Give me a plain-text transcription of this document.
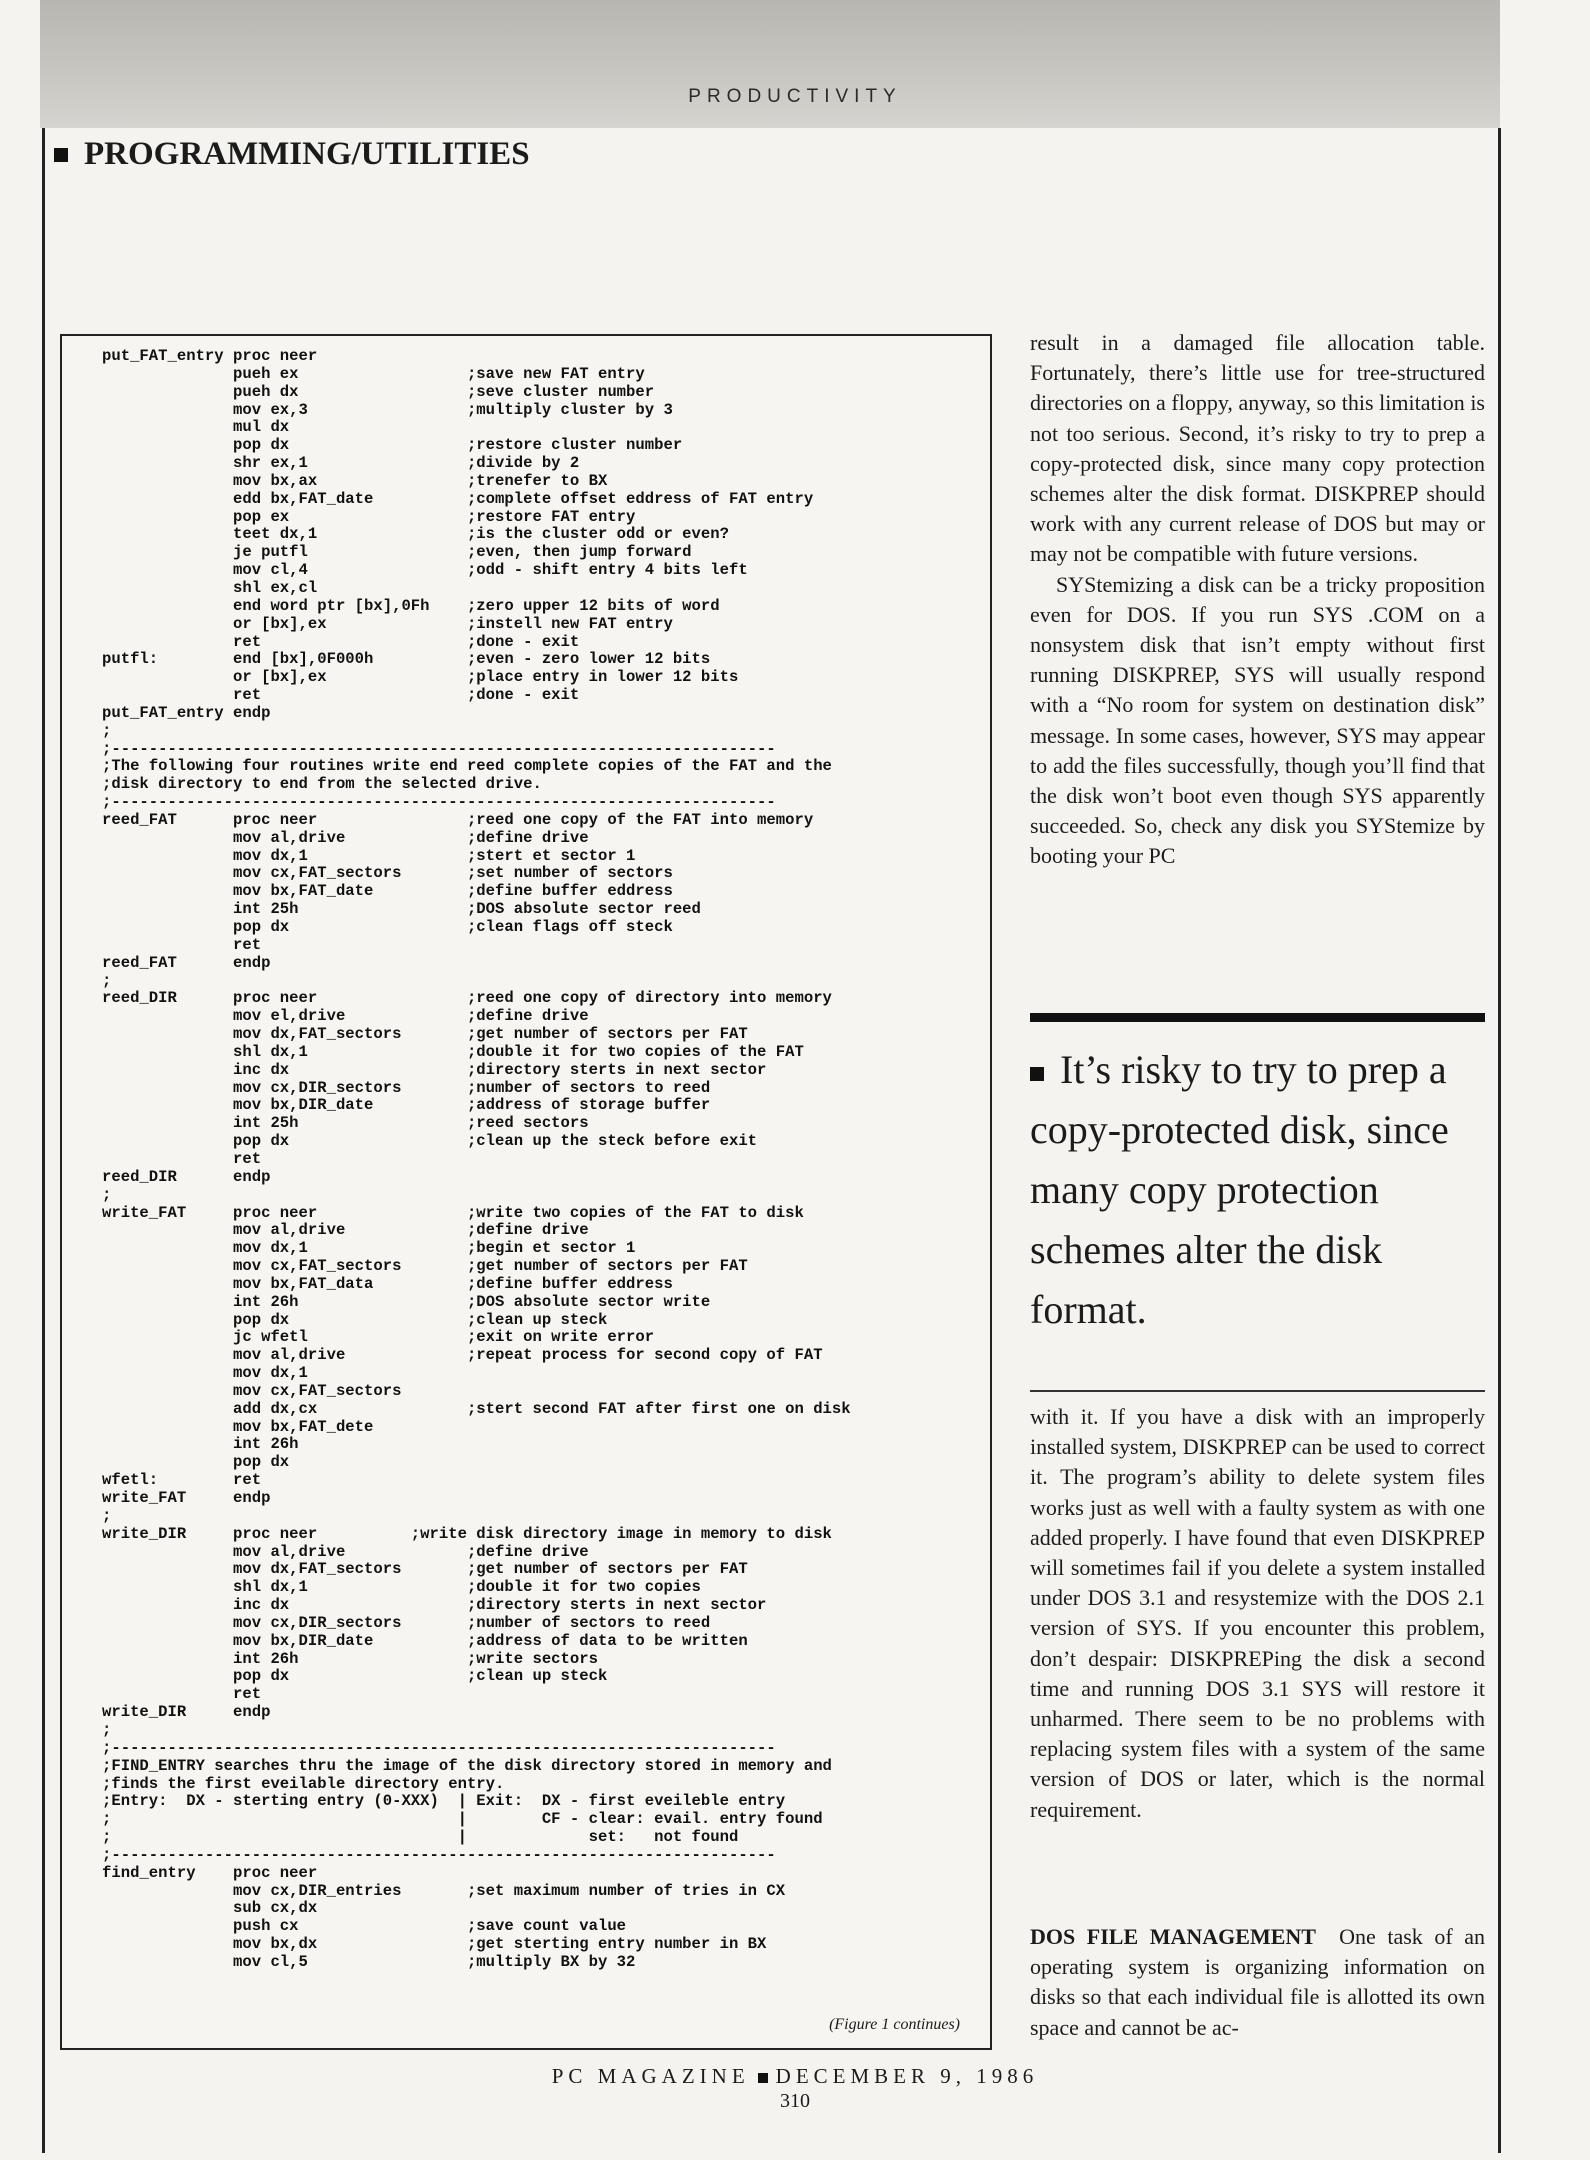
PRODUCTIVITY
PROGRAMMING/UTILITIES
put_FAT_entry proc neer
pueh ex                  ;save new FAT entry
pueh dx                  ;seve cluster number
mov ex,3                 ;multiply cluster by 3
mul dx
pop dx                   ;restore cluster number
shr ex,1                 ;divide by 2
mov bx,ax                ;trenefer to BX
edd bx,FAT_date          ;complete offset eddress of FAT entry
pop ex                   ;restore FAT entry
teet dx,1                ;is the cluster odd or even?
je putfl                 ;even, then jump forward
mov cl,4                 ;odd - shift entry 4 bits left
shl ex,cl
end word ptr [bx],0Fh    ;zero upper 12 bits of word
or [bx],ex               ;instell new FAT entry
ret                      ;done - exit
putfl:        end [bx],0F000h          ;even - zero lower 12 bits
or [bx],ex               ;place entry in lower 12 bits
ret                      ;done - exit
put_FAT_entry endp
;
;-----------------------------------------------------------------------
;The following four routines write end reed complete copies of the FAT and the
;disk directory to end from the selected drive.
;-----------------------------------------------------------------------
reed_FAT      proc neer                ;reed one copy of the FAT into memory
mov al,drive             ;define drive
mov dx,1                 ;stert et sector 1
mov cx,FAT_sectors       ;set number of sectors
mov bx,FAT_date          ;define buffer eddress
int 25h                  ;DOS absolute sector reed
pop dx                   ;clean flags off steck
ret
reed_FAT      endp
;
reed_DIR      proc neer                ;reed one copy of directory into memory
mov el,drive             ;define drive
mov dx,FAT_sectors       ;get number of sectors per FAT
shl dx,1                 ;double it for two copies of the FAT
inc dx                   ;directory sterts in next sector
mov cx,DIR_sectors       ;number of sectors to reed
mov bx,DIR_date          ;address of storage buffer
int 25h                  ;reed sectors
pop dx                   ;clean up the steck before exit
ret
reed_DIR      endp
;
write_FAT     proc neer                ;write two copies of the FAT to disk
mov al,drive             ;define drive
mov dx,1                 ;begin et sector 1
mov cx,FAT_sectors       ;get number of sectors per FAT
mov bx,FAT_data          ;define buffer eddress
int 26h                  ;DOS absolute sector write
pop dx                   ;clean up steck
jc wfetl                 ;exit on write error
mov al,drive             ;repeat process for second copy of FAT
mov dx,1
mov cx,FAT_sectors
add dx,cx                ;stert second FAT after first one on disk
mov bx,FAT_dete
int 26h
pop dx
wfetl:        ret
write_FAT     endp
;
write_DIR     proc neer          ;write disk directory image in memory to disk
mov al,drive             ;define drive
mov dx,FAT_sectors       ;get number of sectors per FAT
shl dx,1                 ;double it for two copies
inc dx                   ;directory sterts in next sector
mov cx,DIR_sectors       ;number of sectors to reed
mov bx,DIR_date          ;address of data to be written
int 26h                  ;write sectors
pop dx                   ;clean up steck
ret
write_DIR     endp
;
;-----------------------------------------------------------------------
;FIND_ENTRY searches thru the image of the disk directory stored in memory and
;finds the first eveilable directory entry.
;Entry:  DX - sterting entry (0-XXX)  | Exit:  DX - first eveileble entry
;                                     |        CF - clear: evail. entry found
;                                     |             set:   not found
;-----------------------------------------------------------------------
find_entry    proc neer
mov cx,DIR_entries       ;set maximum number of tries in CX
sub cx,dx
push cx                  ;save count value
mov bx,dx                ;get sterting entry number in BX
mov cl,5                 ;multiply BX by 32
(Figure 1 continues)

result in a damaged file allocation table. Fortunately, there’s little use for tree-structured directories on a floppy, anyway, so this limitation is not too serious. Second, it’s risky to try to prep a copy-protected disk, since many copy protection schemes alter the disk format. DISKPREP should work with any current release of DOS but may or may not be compatible with future versions.

SYStemizing a disk can be a tricky proposition even for DOS. If you run SYS .COM on a nonsystem disk that isn’t empty without first running DISKPREP, SYS will usually respond with a “No room for system on destination disk” message. In some cases, however, SYS may appear to add the files successfully, though you’ll find that the disk won’t boot even though SYS apparently succeeded. So, check any disk you SYStemize by booting your PC

It’s risky to try to prep a copy-protected disk, since many copy protection schemes alter the disk format.

with it. If you have a disk with an improperly installed system, DISKPREP can be used to correct it. The program’s ability to delete system files works just as well with a faulty system as with one added properly. I have found that even DISKPREP will sometimes fail if you delete a system installed under DOS 3.1 and resystemize with the DOS 2.1 version of SYS. If you encounter this problem, don’t despair: DISKPREPing the disk a second time and running DOS 3.1 SYS will restore it unharmed. There seem to be no problems with replacing system files with a system of the same version of DOS or later, which is the normal requirement.

DOS FILE MANAGEMENT One task of an operating system is organizing information on disks so that each individual file is allotted its own space and cannot be ac-

PC MAGAZINE DECEMBER 9, 1986
310
